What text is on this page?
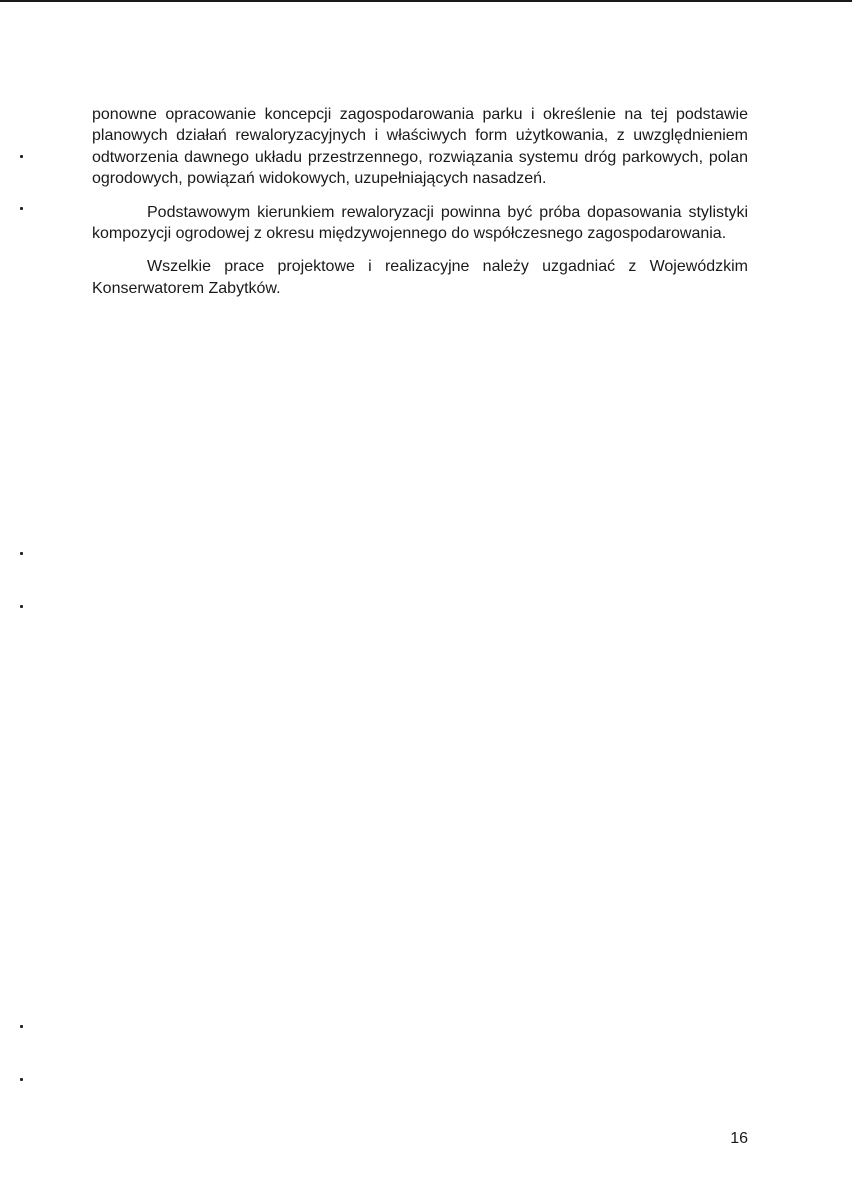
ponowne opracowanie koncepcji zagospodarowania parku i określenie na tej podstawie planowych działań rewaloryzacyjnych i właściwych form użytkowania, z uwzględnieniem odtworzenia dawnego układu przestrzennego, rozwiązania systemu dróg parkowych, polan ogrodowych, powiązań widokowych, uzupełniających nasadzeń.

Podstawowym kierunkiem rewaloryzacji powinna być próba dopasowania stylistyki kompozycji ogrodowej z okresu międzywojennego do współczesnego zagospodarowania.

Wszelkie prace projektowe i realizacyjne należy uzgadniać z Wojewódzkim Konserwatorem Zabytków.

16
